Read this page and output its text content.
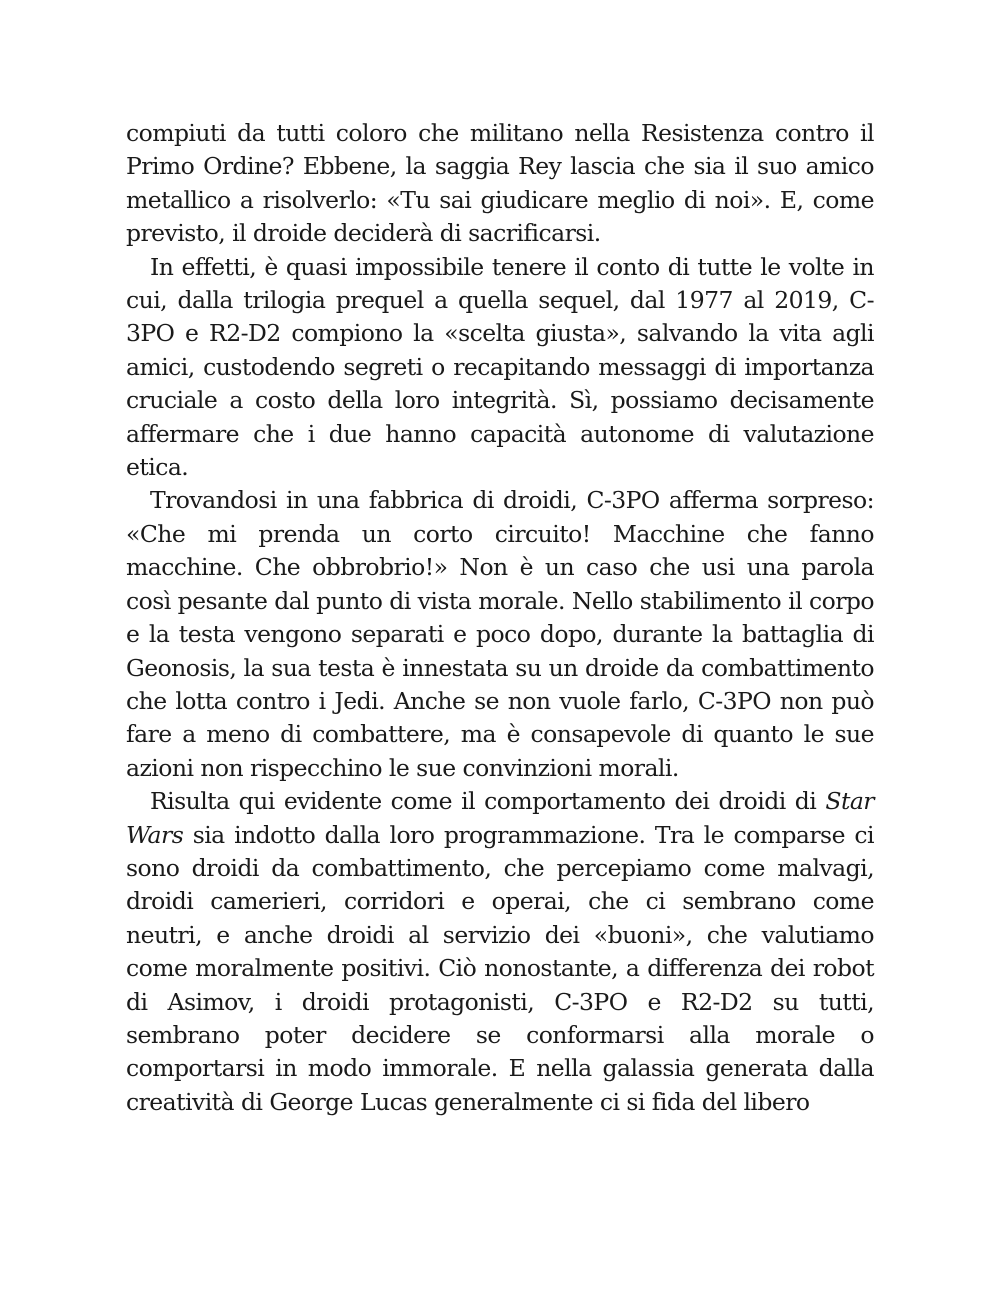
compiuti da tutti coloro che militano nella Resistenza contro il Primo Ordine? Ebbene, la saggia Rey lascia che sia il suo amico metallico a risolverlo: «Tu sai giudicare meglio di noi». E, come previsto, il droide deciderà di sacrificarsi.

In effetti, è quasi impossibile tenere il conto di tutte le volte in cui, dalla trilogia prequel a quella sequel, dal 1977 al 2019, C-3PO e R2-D2 compiono la «scelta giusta», salvando la vita agli amici, custodendo segreti o recapitando messaggi di importanza cruciale a costo della loro integrità. Sì, possiamo decisamente affermare che i due hanno capacità autonome di valutazione etica.

Trovandosi in una fabbrica di droidi, C-3PO afferma sorpreso: «Che mi prenda un corto circuito! Macchine che fanno macchine. Che obbrobrio!» Non è un caso che usi una parola così pesante dal punto di vista morale. Nello stabilimento il corpo e la testa vengono separati e poco dopo, durante la battaglia di Geonosis, la sua testa è innestata su un droide da combattimento che lotta contro i Jedi. Anche se non vuole farlo, C-3PO non può fare a meno di combattere, ma è consapevole di quanto le sue azioni non rispecchino le sue convinzioni morali.

Risulta qui evidente come il comportamento dei droidi di Star Wars sia indotto dalla loro programmazione. Tra le comparse ci sono droidi da combattimento, che percepiamo come malvagi, droidi camerieri, corridori e operai, che ci sembrano come neutri, e anche droidi al servizio dei «buoni», che valutiamo come moralmente positivi. Ciò nonostante, a differenza dei robot di Asimov, i droidi protagonisti, C-3PO e R2-D2 su tutti, sembrano poter decidere se conformarsi alla morale o comportarsi in modo immorale. E nella galassia generata dalla creatività di George Lucas generalmente ci si fida del libero
